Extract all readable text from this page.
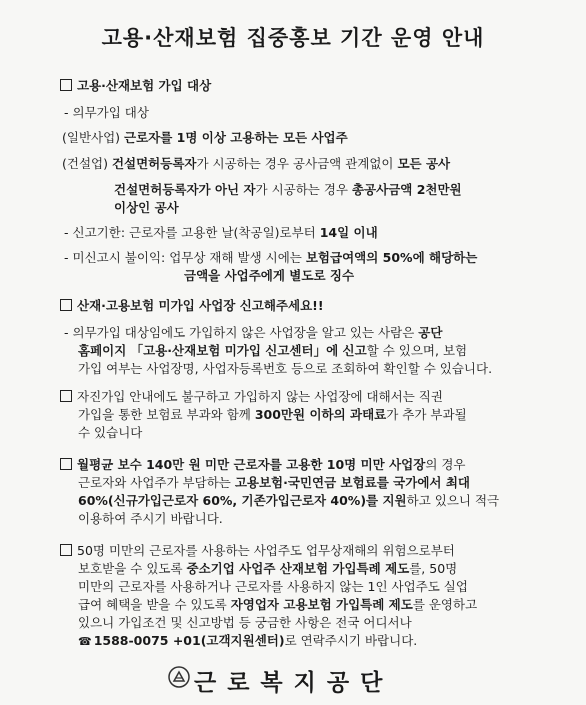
고용·산재보험 집중홍보 기간 운영 안내
고용·산재보험 가입 대상
- 의무가입 대상
(일반사업) 근로자를 1명 이상 고용하는 모든 사업주
(건설업) 건설면허등록자가 시공하는 경우 공사금액 관계없이 모든 공사
건설면허등록자가 아닌 자가 시공하는 경우 총공사금액 2천만원
이상인 공사
- 신고기한: 근로자를 고용한 날(착공일)로부터 14일 이내
- 미신고시 불이익: 업무상 재해 발생 시에는 보험급여액의 50%에 해당하는
금액을 사업주에게 별도로 징수
산재·고용보험 미가입 사업장 신고해주세요!!
- 의무가입 대상임에도 가입하지 않은 사업장을 알고 있는 사람은 공단
홈페이지 「고용·산재보험 미가입 신고센터」에 신고할 수 있으며, 보험
가입 여부는 사업장명, 사업자등록번호 등으로 조회하여 확인할 수 있습니다.
자진가입 안내에도 불구하고 가입하지 않는 사업장에 대해서는 직권
가입을 통한 보험료 부과와 함께 300만원 이하의 과태료가 추가 부과될
수 있습니다
월평균 보수 140만 원 미만 근로자를 고용한 10명 미만 사업장의 경우
근로자와 사업주가 부담하는 고용보험·국민연금 보험료를 국가에서 최대
60%(신규가입근로자 60%, 기존가입근로자 40%)를 지원하고 있으니 적극
이용하여 주시기 바랍니다.
50명 미만의 근로자를 사용하는 사업주도 업무상재해의 위험으로부터
보호받을 수 있도록 중소기업 사업주 산재보험 가입특례 제도를, 50명
미만의 근로자를 사용하거나 근로자를 사용하지 않는 1인 사업주도 실업
급여 혜택을 받을 수 있도록 자영업자 고용보험 가입특례 제도를 운영하고
있으니 가입조건 및 신고방법 등 궁금한 사항은 전국 어디서나
☎ 1588-0075 +01(고객지원센터)로 연락주시기 바랍니다.
근로복지공단
